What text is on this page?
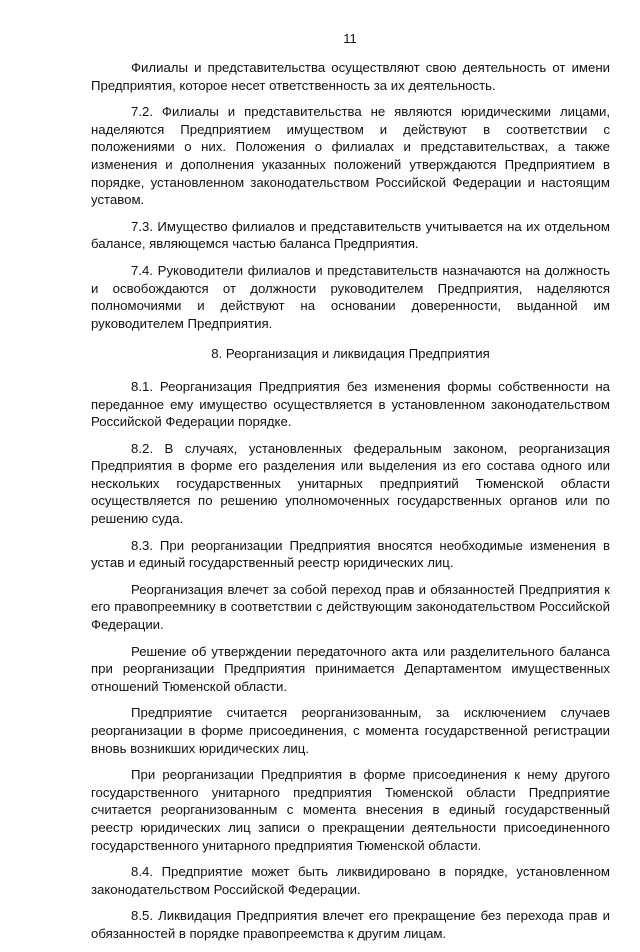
11

Филиалы и представительства осуществляют свою деятельность от имени Предприятия, которое несет ответственность за их деятельность.

7.2. Филиалы и представительства не являются юридическими лицами, наделяются Предприятием имуществом и действуют в соответствии с положениями о них. Положения о филиалах и представительствах, а также изменения и дополнения указанных положений утверждаются Предприятием в порядке, установленном законодательством Российской Федерации и настоящим уставом.

7.3. Имущество филиалов и представительств учитывается на их отдельном балансе, являющемся частью баланса Предприятия.

7.4. Руководители филиалов и представительств назначаются на должность и освобождаются от должности руководителем Предприятия, наделяются полномочиями и действуют на основании доверенности, выданной им руководителем Предприятия.

8. Реорганизация и ликвидация Предприятия

8.1. Реорганизация Предприятия без изменения формы собственности на переданное ему имущество осуществляется в установленном законодательством Российской Федерации порядке.

8.2. В случаях, установленных федеральным законом, реорганизация Предприятия в форме его разделения или выделения из его состава одного или нескольких государственных унитарных предприятий Тюменской области осуществляется по решению уполномоченных государственных органов или по решению суда.

8.3. При реорганизации Предприятия вносятся необходимые изменения в устав и единый государственный реестр юридических лиц.

Реорганизация влечет за собой переход прав и обязанностей Предприятия к его правопреемнику в соответствии с действующим законодательством Российской Федерации.

Решение об утверждении передаточного акта или разделительного баланса при реорганизации Предприятия принимается Департаментом имущественных отношений Тюменской области.

Предприятие считается реорганизованным, за исключением случаев реорганизации в форме присоединения, с момента государственной регистрации вновь возникших юридических лиц.

При реорганизации Предприятия в форме присоединения к нему другого государственного унитарного предприятия Тюменской области Предприятие считается реорганизованным с момента внесения в единый государственный реестр юридических лиц записи о прекращении деятельности присоединенного государственного унитарного предприятия Тюменской области.

8.4. Предприятие может быть ликвидировано в порядке, установленном законодательством Российской Федерации.

8.5. Ликвидация Предприятия влечет его прекращение без перехода прав и обязанностей в порядке правопреемства к другим лицам.
